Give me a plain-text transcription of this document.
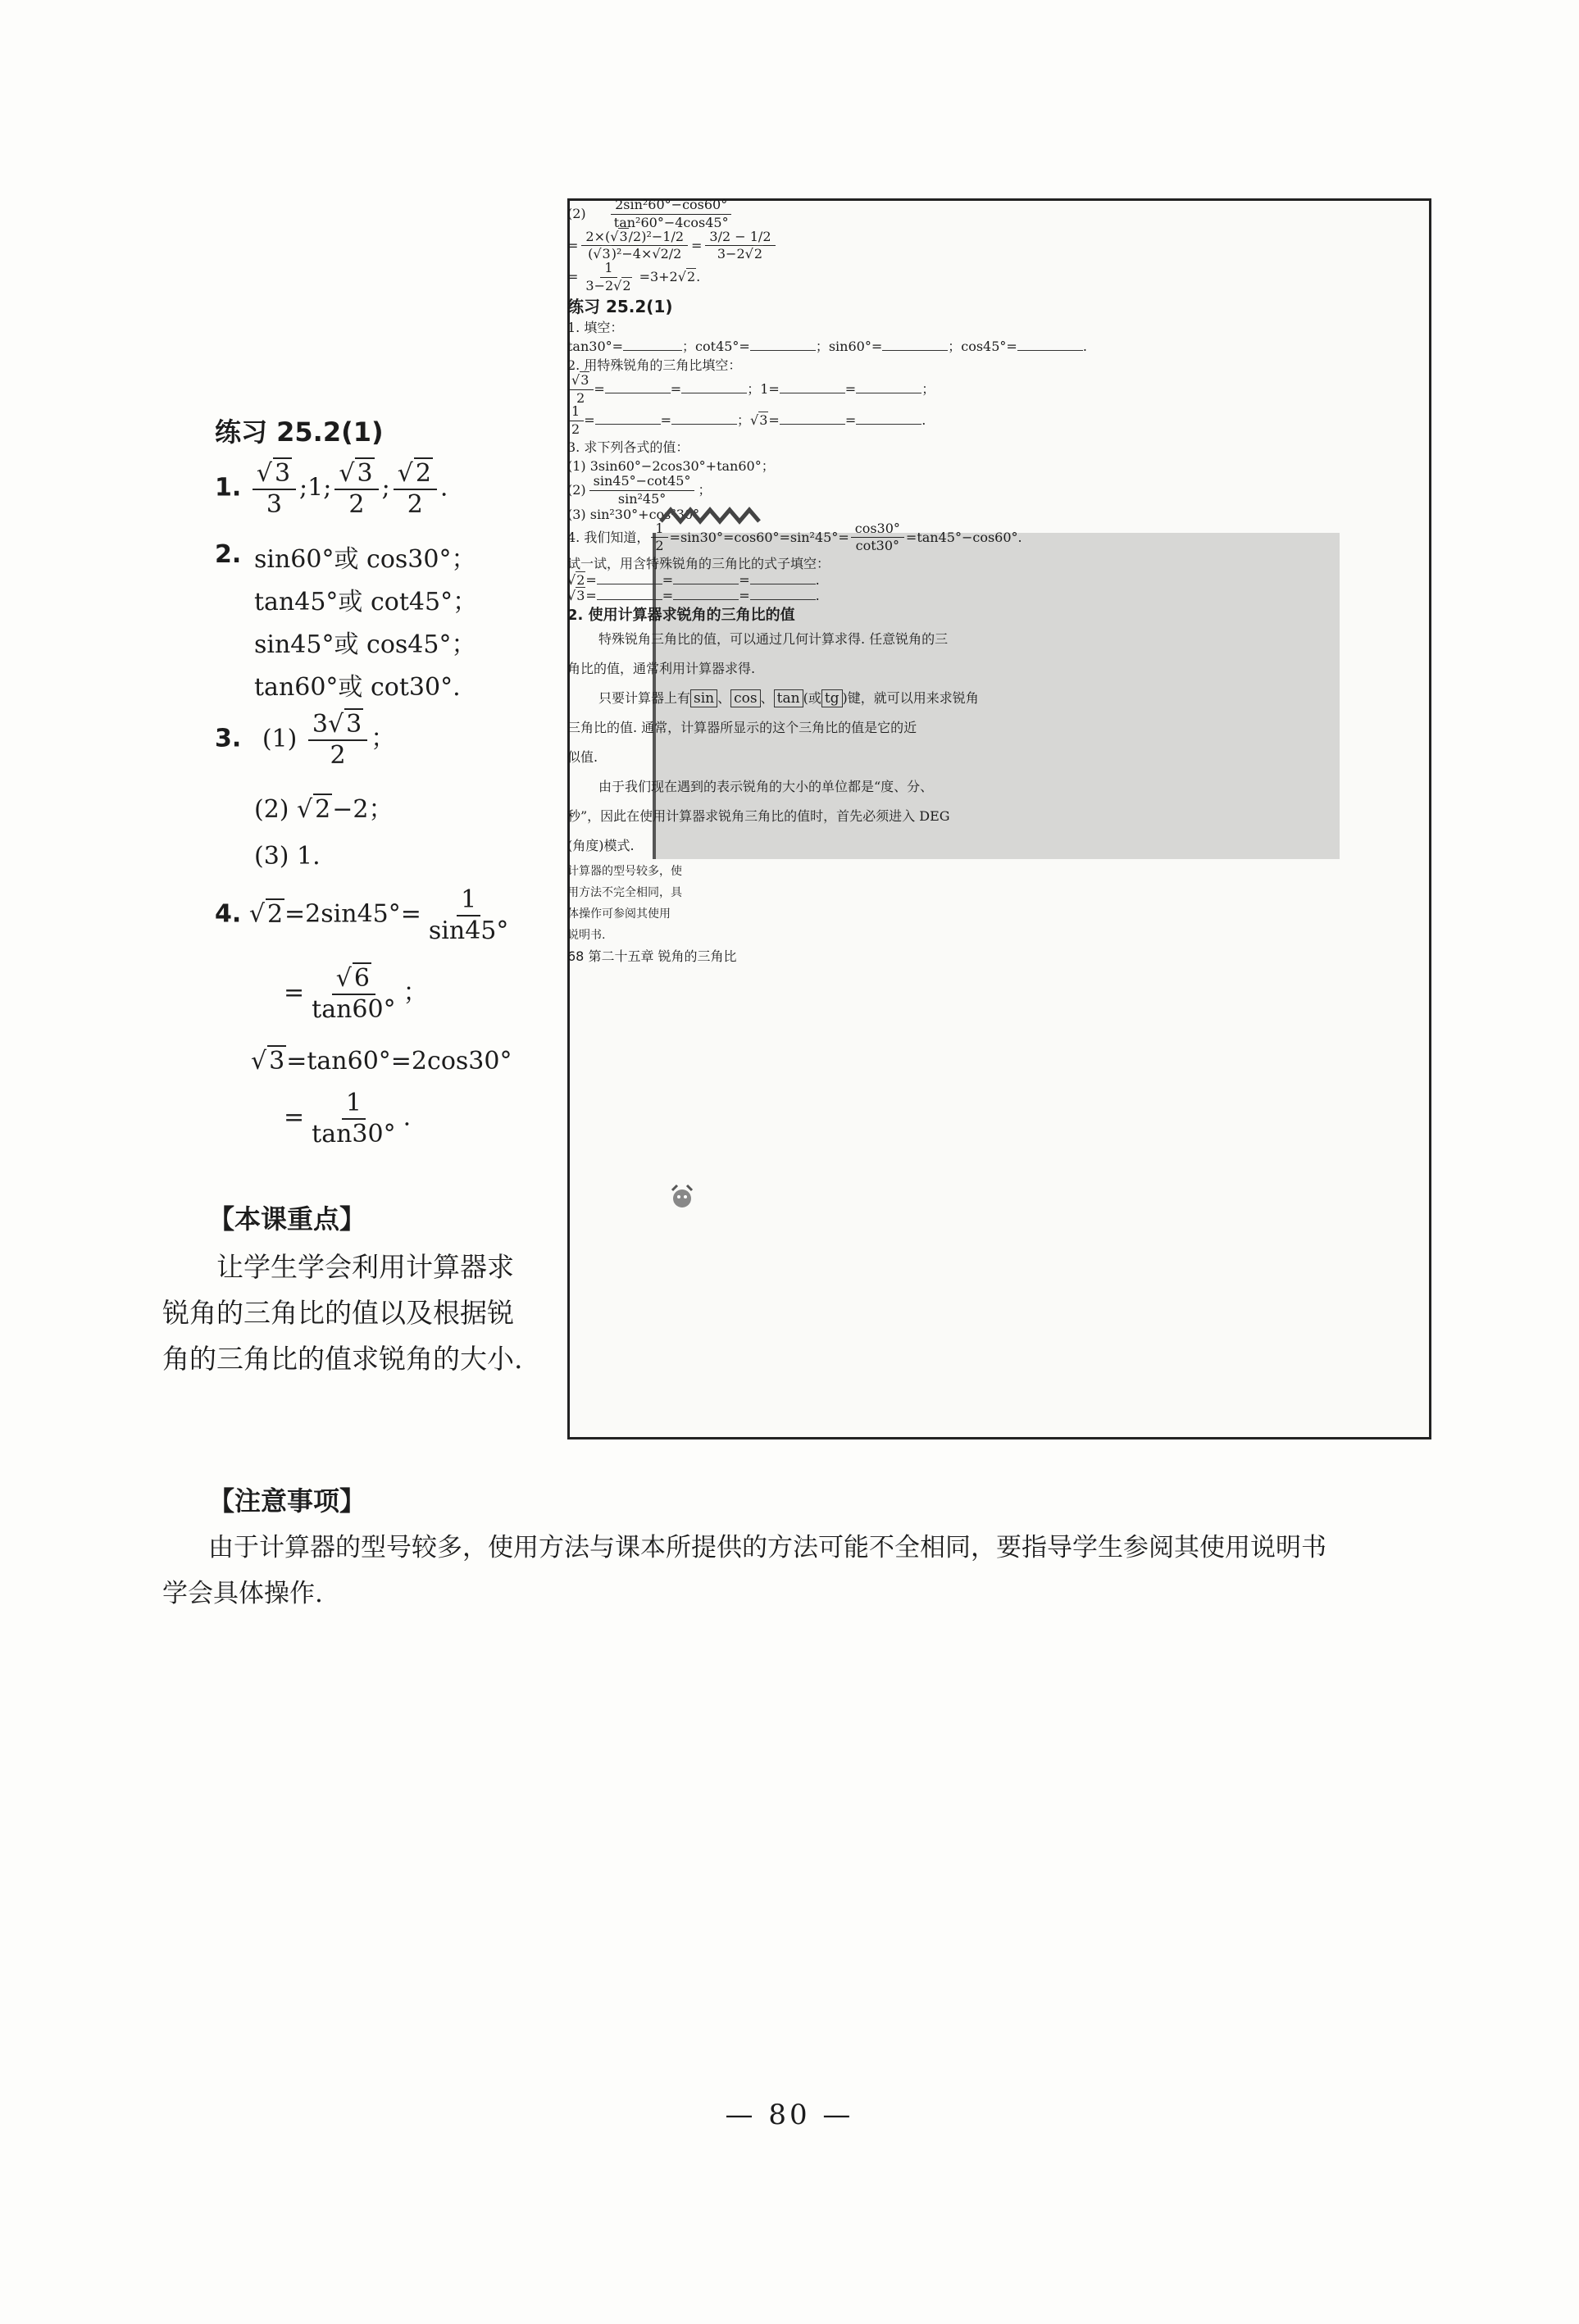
练习 25.2(1)
1. $\frac{√ 3}{3}$ ;1; $\frac{√ 3}{2}$ ; $\frac{√ 2}{2}$ .
2. sin60°或 cos30°；
tan45°或 cot45°；
sin45°或 cos45°；
tan60°或 cot30°.
3. $(1) \frac{3√ 3}{2}$ ；
(2) √ 2−2；
(3) 1.
4. √ $2=2\sin 45^\circ= \frac{1}{\sin 45^\circ}$
= $\frac{√ 6}{\tan 60^\circ}$ ；
√ 3=tan60°=2cos30°
= $\frac{1}{\tan 30^\circ}$ .
【本课重点】
让学生学会利用计算器求
锐角的三角比的值以及根据锐
角的三角比的值求锐角的大小.
【注意事项】
由于计算器的型号较多，使用方法与课本所提供的方法可能不全相同，要指导学生参阅其使用说明书
学会具体操作.
— 80 —
$(2) \frac{\text{2sin²60°−cos60°}}{\text{tan²60°−4cos45°}}$
= $\frac{\text{2×(√3/2)²−1/2}}{\text{(√3)²−4×√2/2}} = \frac{3/2 - 1/2}{3-2√2}$
= $\frac{1}{3-2√2} =3+2√2$.
练习 25.2(1)
1. 填空：
tan30°=	；cot45°=	；sin60°=	；cos45°=	.
2. 用特殊锐角的三角比填空：
$\frac{√3}{2}$ =	=	；1=	=	；
$\frac{1}{2}$ =	=	；√3=	=	.
3. 求下列各式的值：
(1) 3sin60°−2cos30°+tan60°；
$(2) \frac{\sin 45^\circ-\cot 45^\circ}{\text{sin²45°}}$ ；
(3) sin²30°+cos²30°.
4. 我们知道， $\frac{1}{2} =\sin 30^\circ=\cos 60^\circ=\sin^245^\circ= \frac{\cos 30^\circ}{\cot 30^\circ} =\tan 45^\circ-\cos 60^\circ$.
试一试，用含特殊锐角的三角比的式子填空：
√2=	=	=	.
√3=	=	=	.
2. 使用计算器求锐角的三角比的值
特殊锐角三角比的值，可以通过几何计算求得. 任意锐角的三
角比的值，通常利用计算器求得.
只要计算器上有 sin 、 cos 、 tan (或 tg )键，就可以用来求锐角
三角比的值. 通常，计算器所显示的这个三角比的值是它的近
似值.
由于我们现在遇到的表示锐角的大小的单位都是“度、分、
秒”，因此在使用计算器求锐角三角比的值时，首先必须进入 DEG
(角度)模式.
计算器的型号较多，使
用方法不完全相同，具
体操作可参阅其使用
说明书.
68 第二十五章 锐角的三角比
